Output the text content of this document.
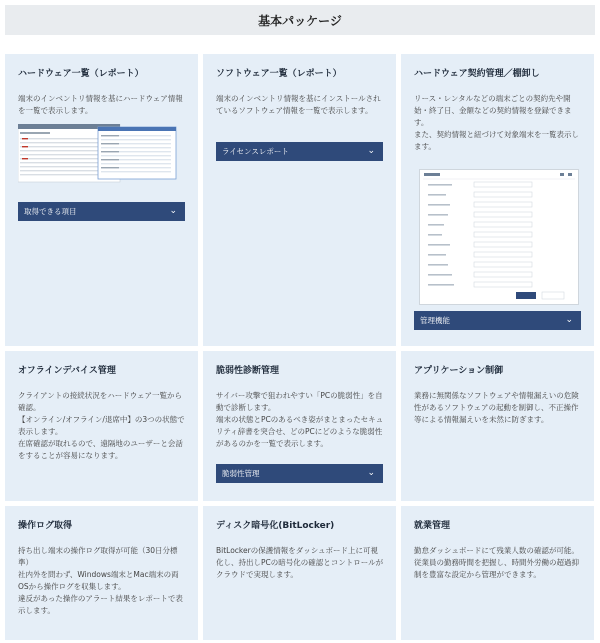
基本パッケージ
ハードウェア一覧（レポート）

端末のインベントリ情報を基にハードウェア情報を一覧で表示します。

取得できる項目	⌄
ソフトウェア一覧（レポート）

端末のインベントリ情報を基にインストールされているソフトウェア情報を一覧で表示します。

ライセンスレポート	⌄
ハードウェア契約管理／棚卸し

リース・レンタルなどの端末ごとの契約先や開始・終了日、金額などの契約情報を登録できます。

また、契約情報と紐づけて対象端末を一覧表示します。

管理機能	⌄
オフラインデバイス管理

クライアントの接続状況をハードウェア一覧から確認。

【オンライン/オフライン/退席中】の3つの状態で表示します。

在席確認が取れるので、遠隔地のユーザーと会話をすることが容易になります。

脆弱性診断管理

サイバー攻撃で狙われやすい「PCの脆弱性」を自動で診断します。

端末の状態とPCのあるべき姿がまとまったセキュリティ辞書を突合せ、どのPCにどのような脆弱性があるのかを一覧で表示します。

脆弱性管理	⌄
アプリケーション制御

業務に無関係なソフトウェアや情報漏えいの危険性があるソフトウェアの起動を制御し、不正操作等による情報漏えいを未然に防ぎます。

操作ログ取得

持ち出し端末の操作ログ取得が可能（30日分標準）

社内外を問わず、Windows端末とMac端末の両OSから操作ログを収集します。

違反があった操作のアラート結果をレポートで表示します。

ディスク暗号化(BitLocker)

BitLockerの保護情報をダッシュボード上に可視化し、持出しPCの暗号化の確認とコントロールがクラウドで実現します。

就業管理

勤怠ダッシュボードにて残業人数の確認が可能。

従業員の勤務時間を把握し、時間外労働の超過抑制を豊富な設定から管理ができます。
